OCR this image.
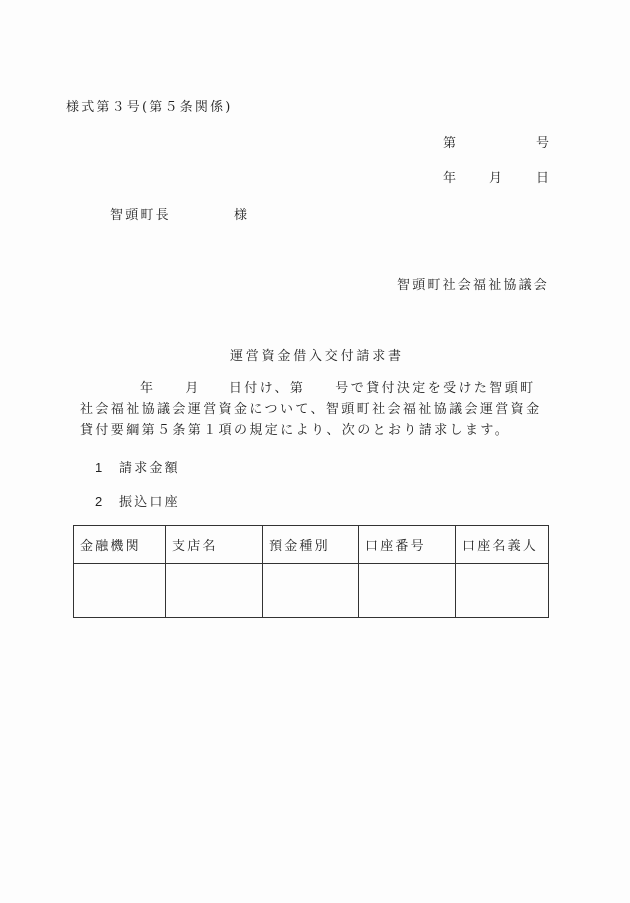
様式第３号(第５条関係)
第	号
年 月 日
智頭町長	様
智頭町社会福祉協議会
運営資金借入交付請求書
年 月 日付け、第 号で貸付決定を受けた智頭町
社会福祉協議会運営資金について、智頭町社会福祉協議会運営資金
貸付要綱第５条第１項の規定により、次のとおり請求します。
1 請求金額
2 振込口座
金融機関	支店名	預金種別	口座番号	口座名義人
